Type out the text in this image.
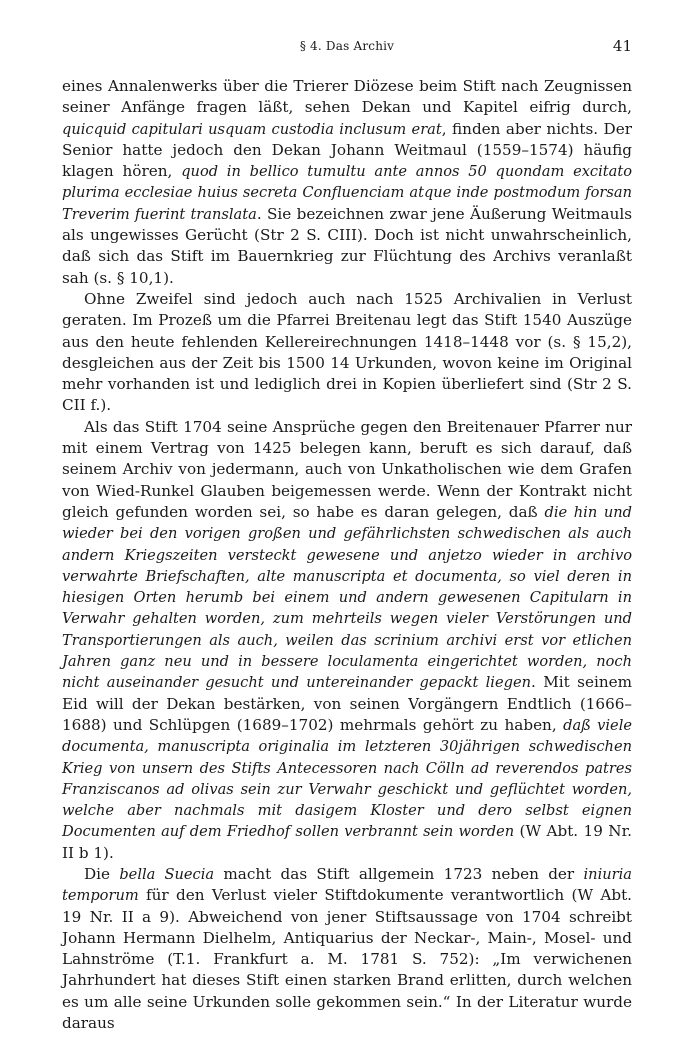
§ 4. Das Archiv	41

eines Annalenwerks über die Trierer Diözese beim Stift nach Zeugnissen seiner Anfänge fragen läßt, sehen Dekan und Kapitel eifrig durch, quicquid capitulari usquam custodia inclusum erat, finden aber nichts. Der Senior hatte jedoch den Dekan Johann Weitmaul (1559–1574) häufig klagen hören, quod in bellico tumultu ante annos 50 quondam excitato plurima ecclesiae huius secreta Confluenciam atque inde postmodum forsan Treverim fuerint translata. Sie bezeichnen zwar jene Äußerung Weitmauls als ungewisses Gerücht (Str 2 S. CIII). Doch ist nicht unwahrscheinlich, daß sich das Stift im Bauernkrieg zur Flüchtung des Archivs veranlaßt sah (s. § 10,1).

Ohne Zweifel sind jedoch auch nach 1525 Archivalien in Verlust geraten. Im Prozeß um die Pfarrei Breitenau legt das Stift 1540 Auszüge aus den heute fehlenden Kellereirechnungen 1418–1448 vor (s. § 15,2), desgleichen aus der Zeit bis 1500 14 Urkunden, wovon keine im Original mehr vorhanden ist und lediglich drei in Kopien überliefert sind (Str 2 S. CII f.).

Als das Stift 1704 seine Ansprüche gegen den Breitenauer Pfarrer nur mit einem Vertrag von 1425 belegen kann, beruft es sich darauf, daß seinem Archiv von jedermann, auch von Unkatholischen wie dem Grafen von Wied-Runkel Glauben beigemessen werde. Wenn der Kontrakt nicht gleich gefunden worden sei, so habe es daran gelegen, daß die hin und wieder bei den vorigen großen und gefährlichsten schwedischen als auch andern Kriegszeiten versteckt gewesene und anjetzo wieder in archivo verwahrte Briefschaften, alte manuscripta et documenta, so viel deren in hiesigen Orten herumb bei einem und andern gewesenen Capitularn in Verwahr gehalten worden, zum mehrteils wegen vieler Verstörungen und Transportierungen als auch, weilen das scrinium archivi erst vor etlichen Jahren ganz neu und in bessere loculamenta eingerichtet worden, noch nicht auseinander gesucht und untereinander gepackt liegen. Mit seinem Eid will der Dekan bestärken, von seinen Vorgängern Endtlich (1666–1688) und Schlüpgen (1689–1702) mehrmals gehört zu haben, daß viele documenta, manuscripta originalia im letzteren 30jährigen schwedischen Krieg von unsern des Stifts Antecessoren nach Cölln ad reverendos patres Franziscanos ad olivas sein zur Verwahr geschickt und geflüchtet worden, welche aber nachmals mit dasigem Kloster und dero selbst eignen Documenten auf dem Friedhof sollen verbrannt sein worden (W Abt. 19 Nr. II b 1).

Die bella Suecia macht das Stift allgemein 1723 neben der iniuria temporum für den Verlust vieler Stiftdokumente verantwortlich (W Abt. 19 Nr. II a 9). Abweichend von jener Stiftsaussage von 1704 schreibt Johann Hermann Dielhelm, Antiquarius der Neckar-, Main-, Mosel- und Lahnströme (T.1. Frankfurt a. M. 1781 S. 752): „Im verwichenen Jahrhundert hat dieses Stift einen starken Brand erlitten, durch welchen es um alle seine Urkunden solle gekommen sein.“ In der Literatur wurde daraus
